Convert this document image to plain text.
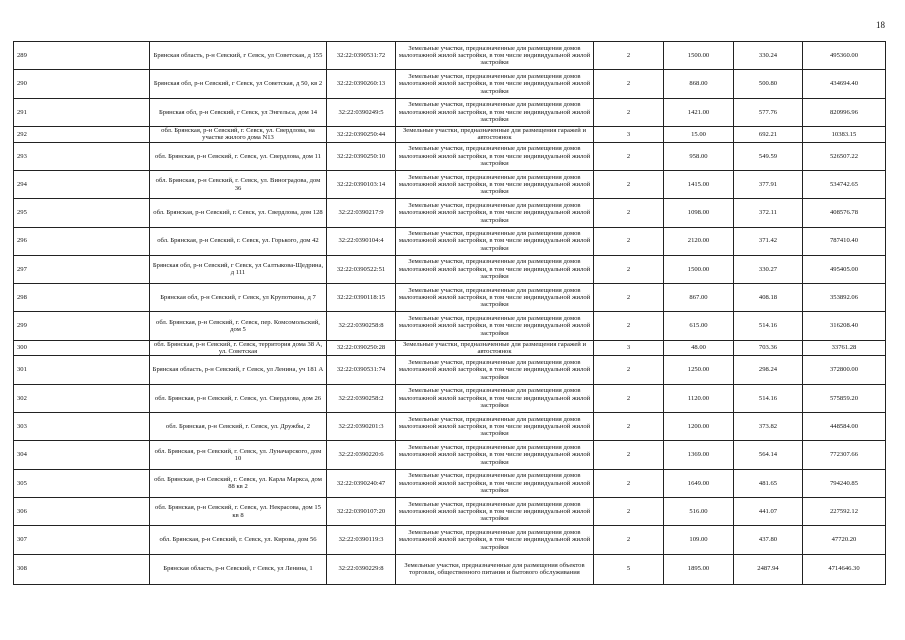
18
289	Брянская область, р-н Севский, г Севск, ул Советская, д 155	32:22:0390531:72	Земельные участки, предназначенные для размещения домов малоэтажной жилой застройки, в том числе индивидуальной жилой застройки	2	1500.00	330.24	495360.00
290	Брянская обл, р-н Севский, г Севск, ул Советская, д 50, кв 2	32:22:0390260:13	Земельные участки, предназначенные для размещения домов малоэтажной жилой застройки, в том числе индивидуальной жилой застройки	2	868.00	500.80	434694.40
291	Брянская обл, р-н Севский, г Севск, ул Энгельса, дом 14	32:22:0390249:5	Земельные участки, предназначенные для размещения домов малоэтажной жилой застройки, в том числе индивидуальной жилой застройки	2	1421.00	577.76	820996.96
292	обл. Брянская, р-н Севский, г. Севск, ул. Свердлова, на участке жилого дома N13	32:22:0390250:44	Земельные участки, предназначенные для размещения гаражей и автостоянок	3	15.00	692.21	10383.15
293	обл. Брянская, р-н Севский, г. Севск, ул. Свердлова, дом 11	32:22:0390250:10	Земельные участки, предназначенные для размещения домов малоэтажной жилой застройки, в том числе индивидуальной жилой застройки	2	958.00	549.59	526507.22
294	обл. Брянская, р-н Севский, г. Севск, ул. Виноградова, дом 36	32:22:0390103:14	Земельные участки, предназначенные для размещения домов малоэтажной жилой застройки, в том числе индивидуальной жилой застройки	2	1415.00	377.91	534742.65
295	обл. Брянская, р-н Севский, г. Севск, ул. Свердлова, дом 128	32:22:0390217:9	Земельные участки, предназначенные для размещения домов малоэтажной жилой застройки, в том числе индивидуальной жилой застройки	2	1098.00	372.11	408576.78
296	обл. Брянская, р-н Севский, г. Севск, ул. Горького, дом 42	32:22:0390104:4	Земельные участки, предназначенные для размещения домов малоэтажной жилой застройки, в том числе индивидуальной жилой застройки	2	2120.00	371.42	787410.40
297	Брянская обл, р-н Севский, г Севск, ул Салтыкова-Щедрина, д 111	32:22:0390522:51	Земельные участки, предназначенные для размещения домов малоэтажной жилой застройки, в том числе индивидуальной жилой застройки	2	1500.00	330.27	495405.00
298	Брянская обл, р-н Севский, г Севск, ул Крупоткина, д 7	32:22:0390118:15	Земельные участки, предназначенные для размещения домов малоэтажной жилой застройки, в том числе индивидуальной жилой застройки	2	867.00	408.18	353892.06
299	обл. Брянская, р-н Севский, г. Севск, пер. Комсомольский, дом 5	32:22:0390258:8	Земельные участки, предназначенные для размещения домов малоэтажной жилой застройки, в том числе индивидуальной жилой застройки	2	615.00	514.16	316208.40
300	обл. Брянская, р-н Севский, г. Севск, территория дома 38 А, ул. Советская	32:22:0390250:28	Земельные участки, предназначенные для размещения гаражей и автостоянок	3	48.00	703.36	33761.28
301	Брянская область, р-н Севский, г Севск, ул Ленина, уч 181 А	32:22:0390531:74	Земельные участки, предназначенные для размещения домов малоэтажной жилой застройки, в том числе индивидуальной жилой застройки	2	1250.00	298.24	372800.00
302	обл. Брянская, р-н Севский, г. Севск, ул. Свердлова, дом 26	32:22:0390258:2	Земельные участки, предназначенные для размещения домов малоэтажной жилой застройки, в том числе индивидуальной жилой застройки	2	1120.00	514.16	575859.20
303	обл. Брянская, р-н Севский, г. Севск, ул. Дружбы, 2	32:22:0390201:3	Земельные участки, предназначенные для размещения домов малоэтажной жилой застройки, в том числе индивидуальной жилой застройки	2	1200.00	373.82	448584.00
304	обл. Брянская, р-н Севский, г. Севск, ул. Луначарского, дом 10	32:22:0390220:6	Земельные участки, предназначенные для размещения домов малоэтажной жилой застройки, в том числе индивидуальной жилой застройки	2	1369.00	564.14	772307.66
305	обл. Брянская, р-н Севский, г. Севск, ул. Карла Маркса, дом 88 кв 2	32:22:0390240:47	Земельные участки, предназначенные для размещения домов малоэтажной жилой застройки, в том числе индивидуальной жилой застройки	2	1649.00	481.65	794240.85
306	обл. Брянская, р-н Севский, г. Севск, ул. Некрасова, дом 15 кв 8	32:22:0390107:20	Земельные участки, предназначенные для размещения домов малоэтажной жилой застройки, в том числе индивидуальной жилой застройки	2	516.00	441.07	227592.12
307	обл. Брянская, р-н Севский, г. Севск, ул. Кирова, дом 56	32:22:0390119:3	Земельные участки, предназначенные для размещения домов малоэтажной жилой застройки, в том числе индивидуальной жилой застройки	2	109.00	437.80	47720.20
308	Брянская область, р-н Севский, г Севск, ул Ленина, 1	32:22:0390229:8	Земельные участки, предназначенные для размещения объектов торговли, общественного питания и бытового обслуживания	5	1895.00	2487.94	4714646.30
